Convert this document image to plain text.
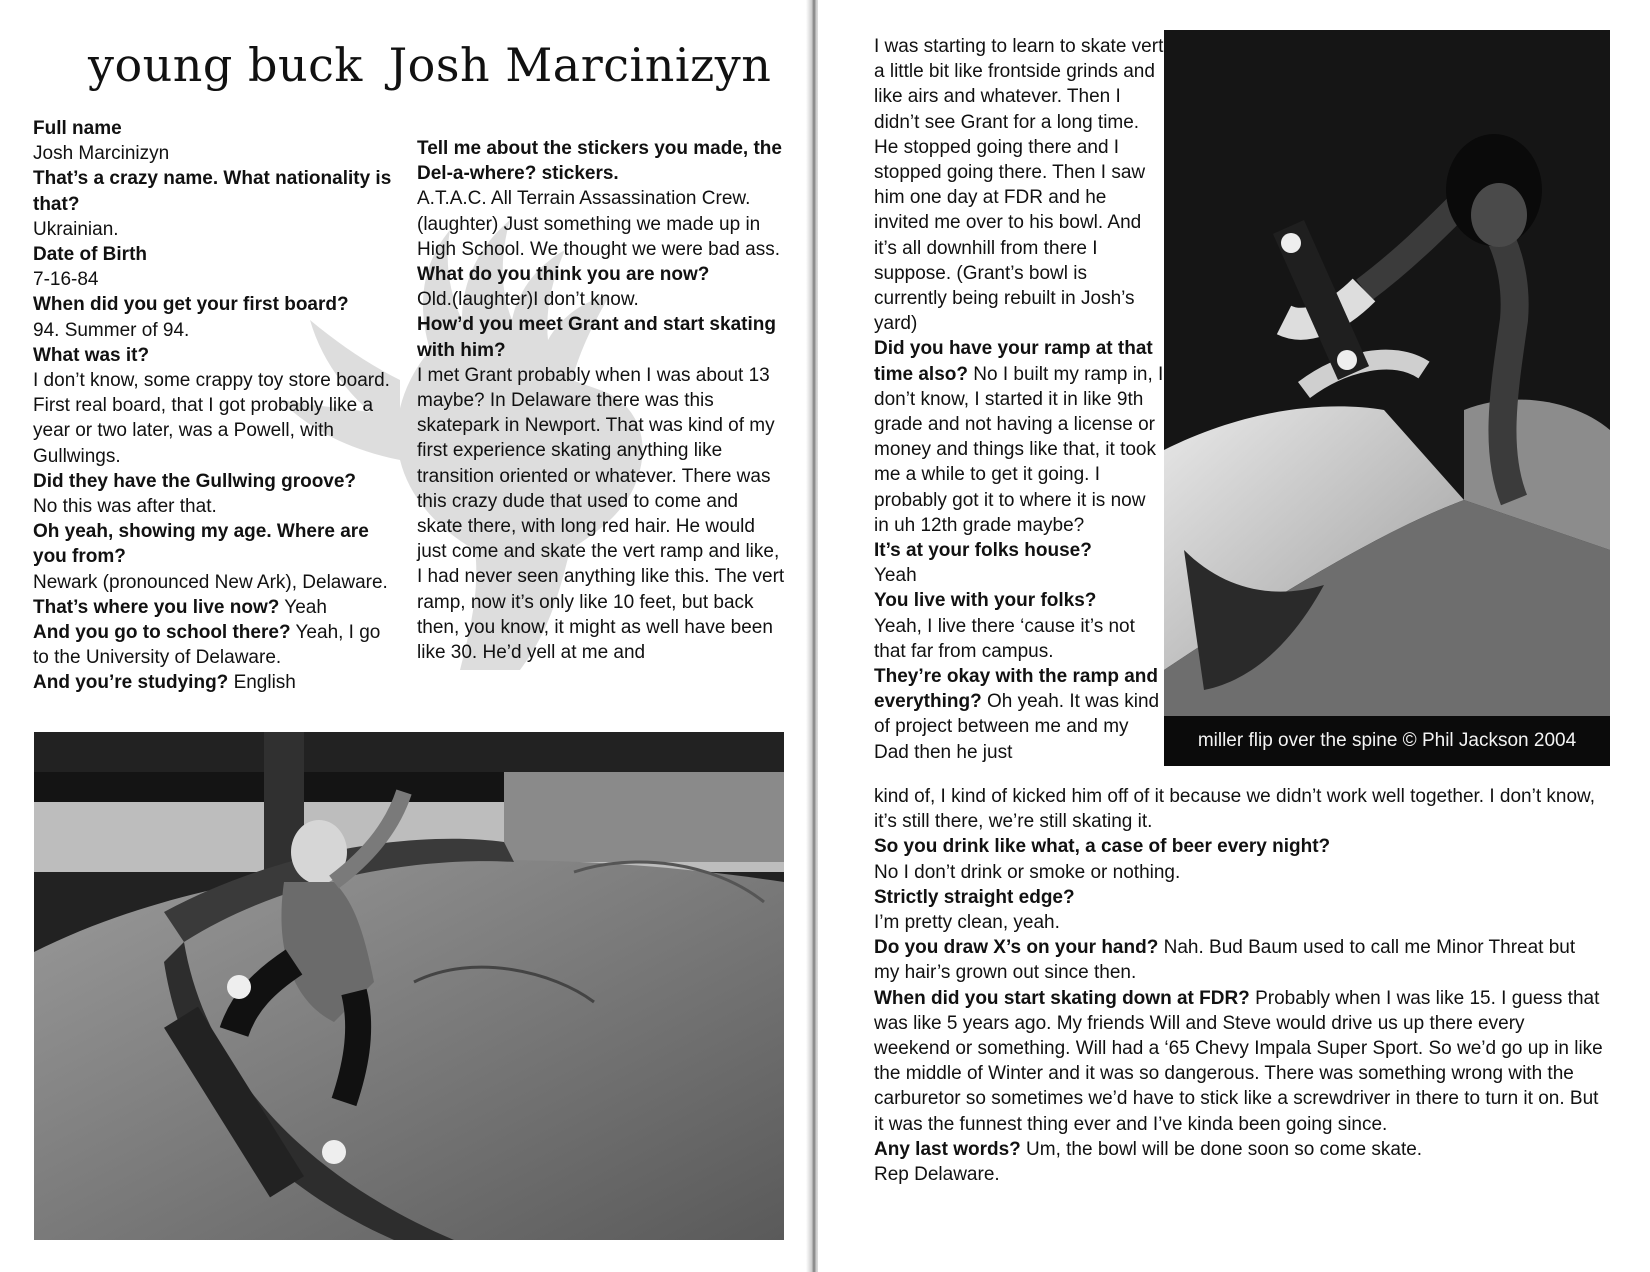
young buck Josh Marcinizyn

Full name

Josh Marcinizyn

That’s a crazy name. What nationality is that?

Ukrainian.

Date of Birth

7-16-84

When did you get your first board?

94. Summer of 94.

What was it?

I don’t know, some crappy toy store board. First real board, that I got probably like a year or two later, was a Powell, with Gullwings.

Did they have the Gullwing groove?

No this was after that.

Oh yeah, showing my age. Where are you from?

Newark (pronounced New Ark), Delaware.

That’s where you live now? Yeah

And you go to school there? Yeah, I go to the University of Delaware.

And you’re studying? English

Tell me about the stickers you made, the Del-a-where? stickers.

A.T.A.C. All Terrain Assassination Crew.(laughter) Just something we made up in High School. We thought we were bad ass.

What do you think you are now?

Old.(laughter)I don’t know.

How’d you meet Grant and start skating with him?

I met Grant probably when I was about 13 maybe? In Delaware there was this skatepark in Newport. That was kind of my first experience skating anything like transition oriented or whatever. There was this crazy dude that used to come and skate there, with long red hair. He would just come and skate the vert ramp and like, I had never seen anything like this. The vert ramp, now it’s only like 10 feet, but back then, you know, it might as well have been like 30. He’d yell at me and

I was starting to learn to skate vert a little bit like frontside grinds and like airs and whatever. Then I didn’t see Grant for a long time. He stopped going there and I stopped going there. Then I saw him one day at FDR and he invited me over to his bowl. And it’s all downhill from there I suppose. (Grant’s bowl is currently being rebuilt in Josh’s yard)

Did you have your ramp at that time also? No I built my ramp in, I don’t know, I started it in like 9th grade and not having a license or money and things like that, it took me a while to get it going. I probably got it to where it is now in uh 12th grade maybe?

It’s at your folks house?

Yeah

You live with your folks?

Yeah, I live there ‘cause it’s not that far from campus.

They’re okay with the ramp and everything? Oh yeah. It was kind of project between me and my Dad then he just

miller flip over the spine © Phil Jackson 2004

kind of, I kind of kicked him off of it because we didn’t work well together. I don’t know, it’s still there, we’re still skating it.

So you drink like what, a case of beer every night?

No I don’t drink or smoke or nothing.

Strictly straight edge?

I’m pretty clean, yeah.

Do you draw X’s on your hand? Nah. Bud Baum used to call me Minor Threat but my hair’s grown out since then.

When did you start skating down at FDR? Probably when I was like 15. I guess that was like 5 years ago. My friends Will and Steve would drive us up there every weekend or something. Will had a ‘65 Chevy Impala Super Sport. So we’d go up in like the middle of Winter and it was so dangerous. There was something wrong with the carburetor so sometimes we’d have to stick like a screwdriver in there to turn it on. But it was the funnest thing ever and I’ve kinda been going since.

Any last words? Um, the bowl will be done soon so come skate.

Rep Delaware.
